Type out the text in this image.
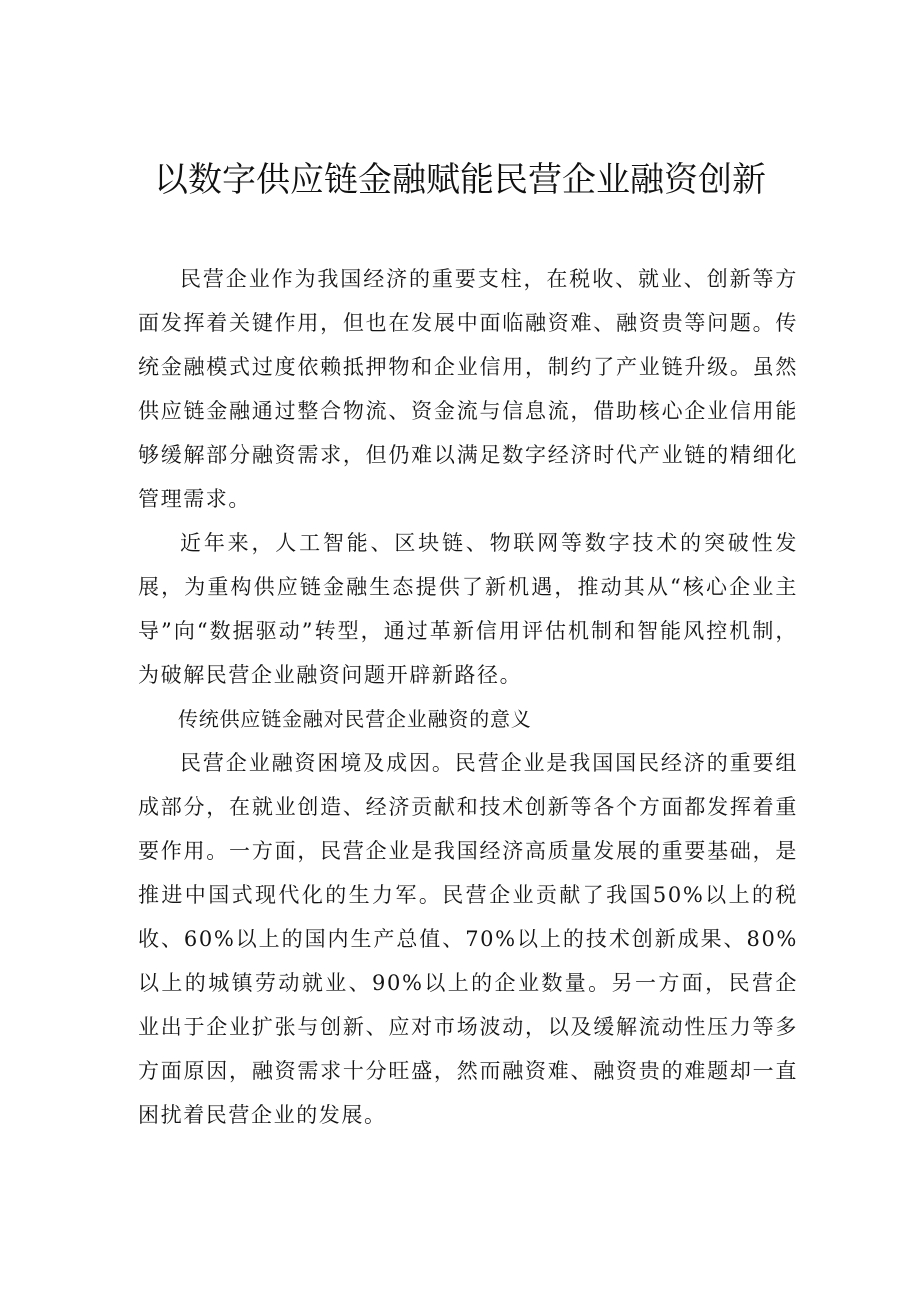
以数字供应链金融赋能民营企业融资创新

民营企业作为我国经济的重要支柱，在税收、就业、创新等方面发挥着关键作用，但也在发展中面临融资难、融资贵等问题。传统金融模式过度依赖抵押物和企业信用，制约了产业链升级。虽然供应链金融通过整合物流、资金流与信息流，借助核心企业信用能够缓解部分融资需求，但仍难以满足数字经济时代产业链的精细化管理需求。

近年来，人工智能、区块链、物联网等数字技术的突破性发展，为重构供应链金融生态提供了新机遇，推动其从“核心企业主导”向“数据驱动”转型，通过革新信用评估机制和智能风控机制，为破解民营企业融资问题开辟新路径。

传统供应链金融对民营企业融资的意义

民营企业融资困境及成因。民营企业是我国国民经济的重要组成部分，在就业创造、经济贡献和技术创新等各个方面都发挥着重要作用。一方面，民营企业是我国经济高质量发展的重要基础，是推进中国式现代化的生力军。民营企业贡献了我国50%以上的税收、60%以上的国内生产总值、70%以上的技术创新成果、80%以上的城镇劳动就业、90%以上的企业数量。另一方面，民营企业出于企业扩张与创新、应对市场波动，以及缓解流动性压力等多方面原因，融资需求十分旺盛，然而融资难、融资贵的难题却一直困扰着民营企业的发展。
